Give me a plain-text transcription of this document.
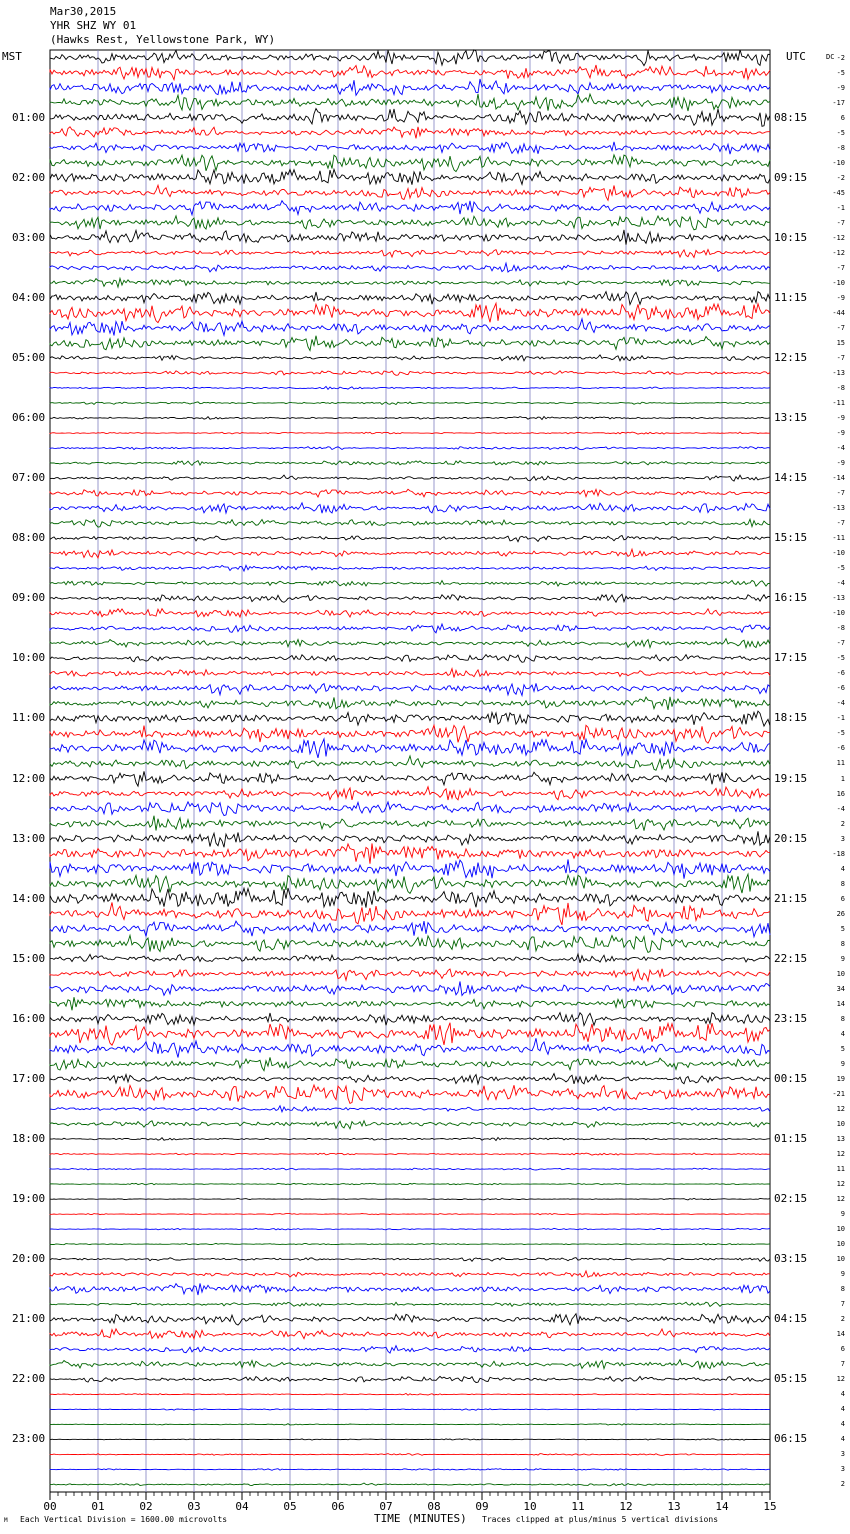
Mar30,2015
YHR SHZ WY 01
(Hawks Rest, Yellowstone Park, WY)
MST	UTC	DC
00	01	02	03	04	05	06	07	08	09	10	11	12	13	14	15
01:00
02:00
03:00
04:00
05:00
06:00
07:00
08:00
09:00
10:00
11:00
12:00
13:00
14:00
15:00
16:00
17:00
18:00
19:00
20:00
21:00
22:00
23:00
08:15
09:15
10:15
11:15
12:15
13:15
14:15
15:15
16:15
17:15
18:15
19:15
20:15
21:15
22:15
23:15
00:15
01:15
02:15
03:15
04:15
05:15
06:15
-2
-5
-9
-17
6
-5
-8
-10
-2
-45
-1
-7
-12
-12
-7
-10
-9
-44
-7
15
-7
-13
-8
-11
-9
-9
-4
-9
-14
-7
-13
-7
-11
-10
-5
-4
-13
-10
-8
-7
-5
-6
-6
-4
-1
-5
-6
11
1
16
-4
2
3
-18
4
8
6
26
5
8
9
10
34
14
8
4
5
9
19
-21
12
10
13
12
11
12
12
9
10
10
10
9
8
7
2
14
6
7
12
4
4
4
4
3
3
2
M Each Vertical Division = 1600.00 microvolts	TIME (MINUTES) Traces clipped at plus/minus 5 vertical divisions
